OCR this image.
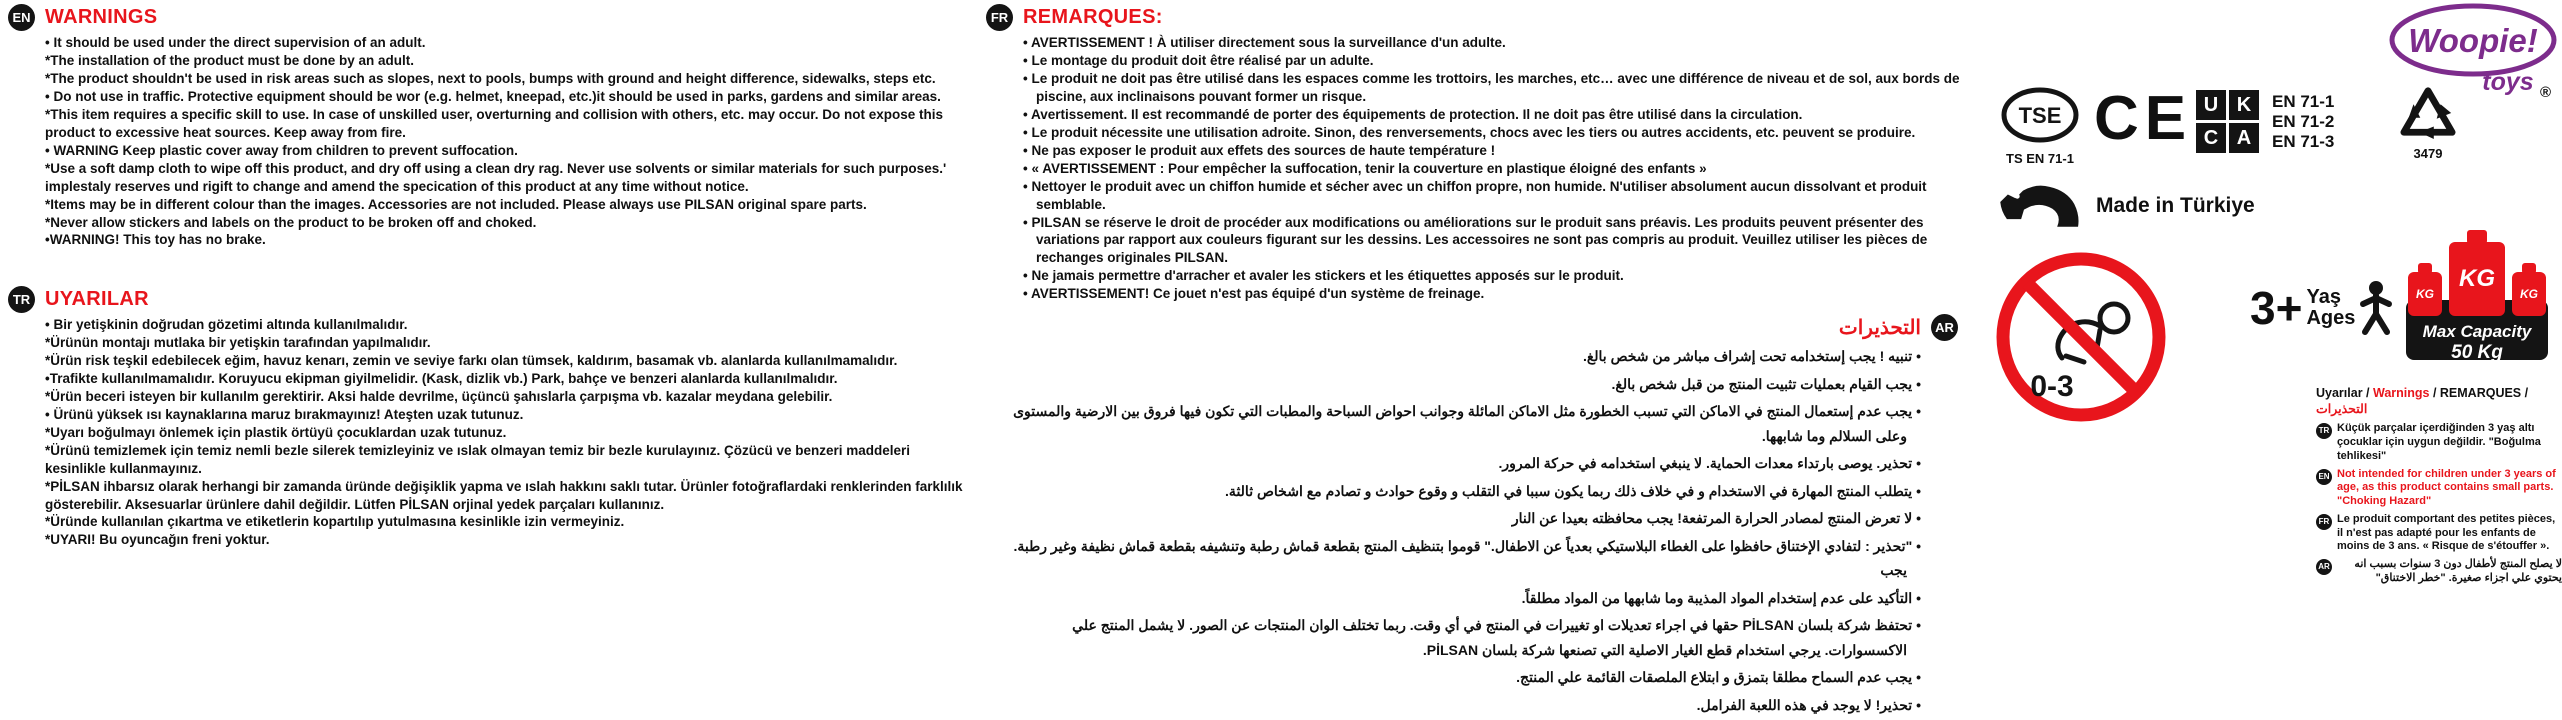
EN WARNINGS
• It should be used under the direct supervision of an adult.
*The installation of the product must be done by an adult.
*The product shouldn't be used in risk areas such as slopes, next to pools, bumps with ground and height difference, sidewalks, steps etc.
• Do not use in traffic. Protective equipment should be wor (e.g. helmet, kneepad, etc.)it should be used in parks, gardens and similar areas.
*This item requires a specific skill to use. In case of unskilled user, overturning and collision with others, etc. may occur. Do not expose this product to excessive heat sources. Keep away from fire.
• WARNING Keep plastic cover away from children to prevent suffocation.
*Use a soft damp cloth to wipe off this product, and dry off using a clean dry rag. Never use solvents or similar materials for such purposes.' implestaly reserves und rigift to change and amend the specication of this product at any time without notice.
*Items may be in different colour than the images. Accessories are not included. Please always use PILSAN original spare parts.
*Never allow stickers and labels on the product to be broken off and choked.
•WARNING! This toy has no brake.
TR UYARILAR
• Bir yetişkinin doğrudan gözetimi altında kullanılmalıdır.
*Ürünün montajı mutlaka bir yetişkin tarafından yapılmalıdır.
*Ürün risk teşkil edebilecek eğim, havuz kenarı, zemin ve seviye farkı olan tümsek, kaldırım, basamak vb. alanlarda kullanılmamalıdır.
•Trafikte kullanılmamalıdır. Koruyucu ekipman giyilmelidir. (Kask, dizlik vb.) Park, bahçe ve benzeri alanlarda kullanılmalıdır.
*Ürün beceri isteyen bir kullanılm gerektirir. Aksi halde devrilme, üçüncü şahıslarla çarpışma vb. kazalar meydana gelebilir.
• Ürünü yüksek ısı kaynaklarına maruz bırakmayınız! Ateşten uzak tutunuz.
*Uyarı boğulmayı önlemek için plastik örtüyü çocuklardan uzak tutunuz.
*Ürünü temizlemek için temiz nemli bezle silerek temizleyiniz ve ıslak olmayan temiz bir bezle kurulayınız. Çözücü ve benzeri maddeleri kesinlikle kullanmayınız.
*PİLSAN ihbarsız olarak herhangi bir zamanda üründe değişiklik yapma ve ıslah hakkını saklı tutar. Ürünler fotoğraflardaki renklerinden farklılık gösterebilir. Aksesuarlar ürünlere dahil değildir. Lütfen PİLSAN orjinal yedek parçaları kullanınız.
*Üründe kullanılan çıkartma ve etiketlerin kopartılıp yutulmasına kesinlikle izin vermeyiniz.
*UYARI! Bu oyuncağın freni yoktur.
FR REMARQUES:
• AVERTISSEMENT ! À utiliser directement sous la surveillance d'un adulte.
• Le montage du produit doit être réalisé par un adulte.
• Le produit ne doit pas être utilisé dans les espaces comme les trottoirs, les marches, etc… avec une différence de niveau et de sol, aux bords de piscine, aux inclinaisons pouvant former un risque.
• Avertissement. Il est recommandé de porter des équipements de protection. Il ne doit pas être utilisé dans la circulation.
• Le produit nécessite une utilisation adroite. Sinon, des renversements, chocs avec les tiers ou autres accidents, etc. peuvent se produire.
• Ne pas exposer le produit aux effets des sources de haute température !
• « AVERTISSEMENT : Pour empêcher la suffocation, tenir la couverture en plastique éloigné des enfants »
• Nettoyer le produit avec un chiffon humide et sécher avec un chiffon propre, non humide. N'utiliser absolument aucun dissolvant et produit semblable.
• PILSAN se réserve le droit de procéder aux modifications ou améliorations sur le produit sans préavis. Les produits peuvent présenter des variations par rapport aux couleurs figurant sur les dessins. Les accessoires ne sont pas compris au produit. Veuillez utiliser les pièces de rechanges originales PILSAN.
• Ne jamais permettre d'arracher et avaler les stickers et les étiquettes apposés sur le produit.
• AVERTISSEMENT! Ce jouet n'est pas équipé d'un système de freinage.
AR
التحذيرات
• تنبيه ! يجب إستخدامه تحت إشراف مباشر من شخص بالغ.
• يجب القيام بعمليات تثبيت المنتج من قبل شخص بالغ.
• يجب عدم إستعمال المنتج في الاماكن التي تسبب الخطورة مثل الاماكن المائلة وجوانب احواض السباحة والمطبات التي تكون فيها فروق بين الارضية والمستوى وعلى السلالم وما شابهها.
• تحذير. يوصى بارتداء معدات الحماية. لا ينبغي استخدامه في حركة المرور.
• يتطلب المنتج المهارة في الاستخدام و في خلاف ذلك ربما يكون سببا في التقلب و وقوع حوادث و تصادم مع اشخاص ثالثة.
• لا تعرض المنتج لمصادر الحرارة المرتفعة! يجب محافظته بعيدا عن النار
• "تحذير : لتفادي الإختناق حافظوا على الغطاء البلاستيكي بعدياً عن الاطفال." قوموا بتنظيف المنتج بقطعة قماش رطبة وتنشيفه بقطعة قماش نظيفة وغير رطبة. يجب
• التأكيد على عدم إستخدام المواد المذيبة وما شابهها من المواد مطلقاً.
• تحتفظ شركة بلسان PİLSAN حقها في اجراء تعديلات او تغييرات في المنتج في أي وقت. ربما تختلف الوان المنتجات عن الصور. لا يشمل المنتج علي الاكسسوارات. يرجي استخدام قطع الغيار الاصلية التي تصنعها شركة بلسان PİLSAN.
• يجب عدم السماح مطلقا بتمزق و ابتلاع الملصقات القائمة علي المنتج.
• تحذير! لا يوجد في هذه اللعبة الفرامل.
Woopie!
toys
TSE
TS EN 71-1
CE U K
C A
EN 71-1
EN 71-2
EN 71-3
3479
®
Made in Türkiye
3+ Yaş
Ages
KG
KG
KG
Max Capacity
50 Kg
0-3	Uyarılar / Warnings / REMARQUES / التحذيرات
TR Küçük parçalar içerdiğinden 3 yaş altı çocuklar için uygun değildir. "Boğulma tehlikesi"
EN Not intended for children under 3 years of age, as this product contains small parts. "Choking Hazard"
FR Le produit comportant des petites pièces, il n'est pas adapté pour les enfants de moins de 3 ans. « Risque de s'étouffer ».
AR	لا يصلح المنتج لأطفال دون 3 سنوات بسبب انه يحتوي علي اجزاء صغيرة. "خطر الاختناق"
